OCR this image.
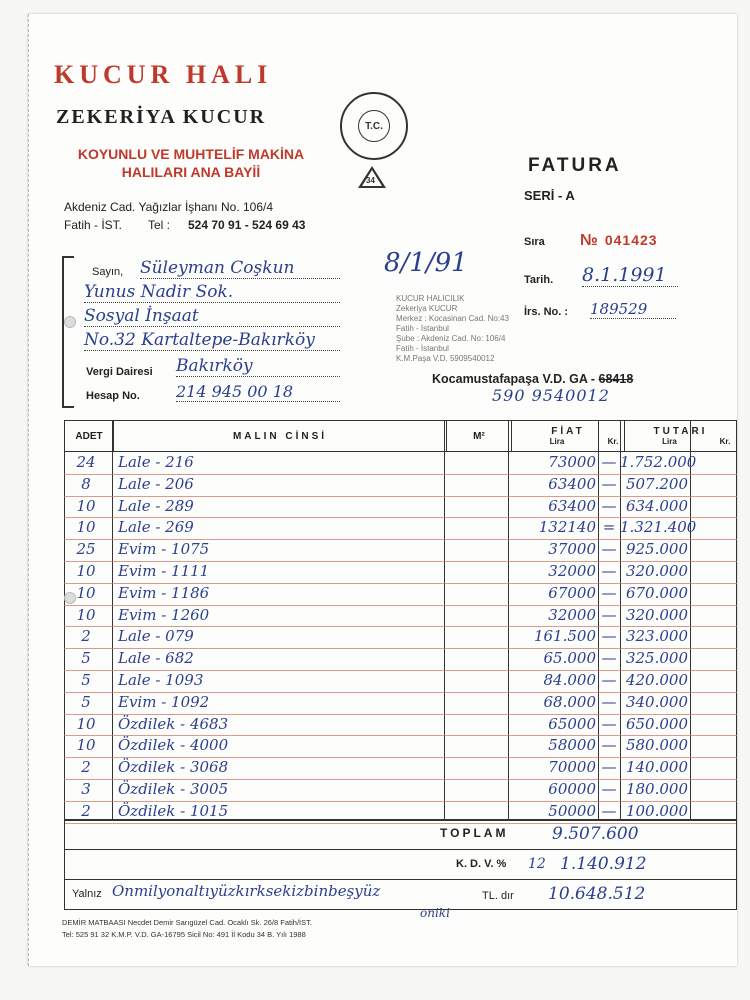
KUCUR HALI
ZEKERİYA KUCUR
KOYUNLU VE MUHTELİF MAKİNA
HALILARI ANA BAYİİ
Akdeniz Cad. Yağızlar İşhanı No. 106/4
Fatih - İST. Tel : 524 70 91 - 524 69 43
T.C.
34
FATURA
SERİ - A
Sıra № 041423
Tarih. 8.1.1991
İrs. No. : 189529
8/1/91
Sayın, Süleyman Coşkun
Yunus Nadir Sok.
Sosyal İnşaat
No.32 Kartaltepe-Bakırköy
Vergi Dairesi Bakırköy
Hesap No. 214 945 00 18
KUCUR HALICILIK
Zekeriya KUCUR
Merkez : Kocasinan Cad. No:43
Fatih - İstanbul
Şube : Akdeniz Cad. No: 106/4
Fatih - İstanbul
K.M.Paşa V.D. 5909540012
Kocamustafapaşa V.D. GA - 68418
590 9540012
ADET	MALIN CİNSİ	M²	FİAT
Lira	Kr.

TUTARI
Lira	Kr.
24	Lale - 216	73000 — 1.752.000
8	Lale - 206	63400 — 507.200
10	Lale - 289	63400 — 634.000
10	Lale - 269	132140 = 1.321.400
25	Evim - 1075	37000 — 925.000
10	Evim - 1111	32000 — 320.000
10	Evim - 1186	67000 — 670.000
10	Evim - 1260	32000 — 320.000
2	Lale - 079	161.500 — 323.000
5	Lale - 682	65.000 — 325.000
5	Lale - 1093	84.000 — 420.000
5	Evim - 1092	68.000 — 340.000
10	Özdilek - 4683	65000 — 650.000
10	Özdilek - 4000	58000 — 580.000
2	Özdilek - 3068	70000 — 140.000
3	Özdilek - 3005	60000 — 180.000
2	Özdilek - 1015	50000 — 100.000
TOPLAM	9.507.600
K. D. V. % 12 1.140.912
Yalnız Onmilyonaltıyüzkırksekizbinbeşyüz
oniki
TL. dır 10.648.512
DEMİR MATBAASI Necdet Demir Sarıgüzel Cad. Ocaklı Sk. 26/8 Fatih/İST.
Tel: 525 91 32 K.M.P. V.D. GA-16795 Sicil No: 491 İl Kodu 34 B. Yılı 1988
